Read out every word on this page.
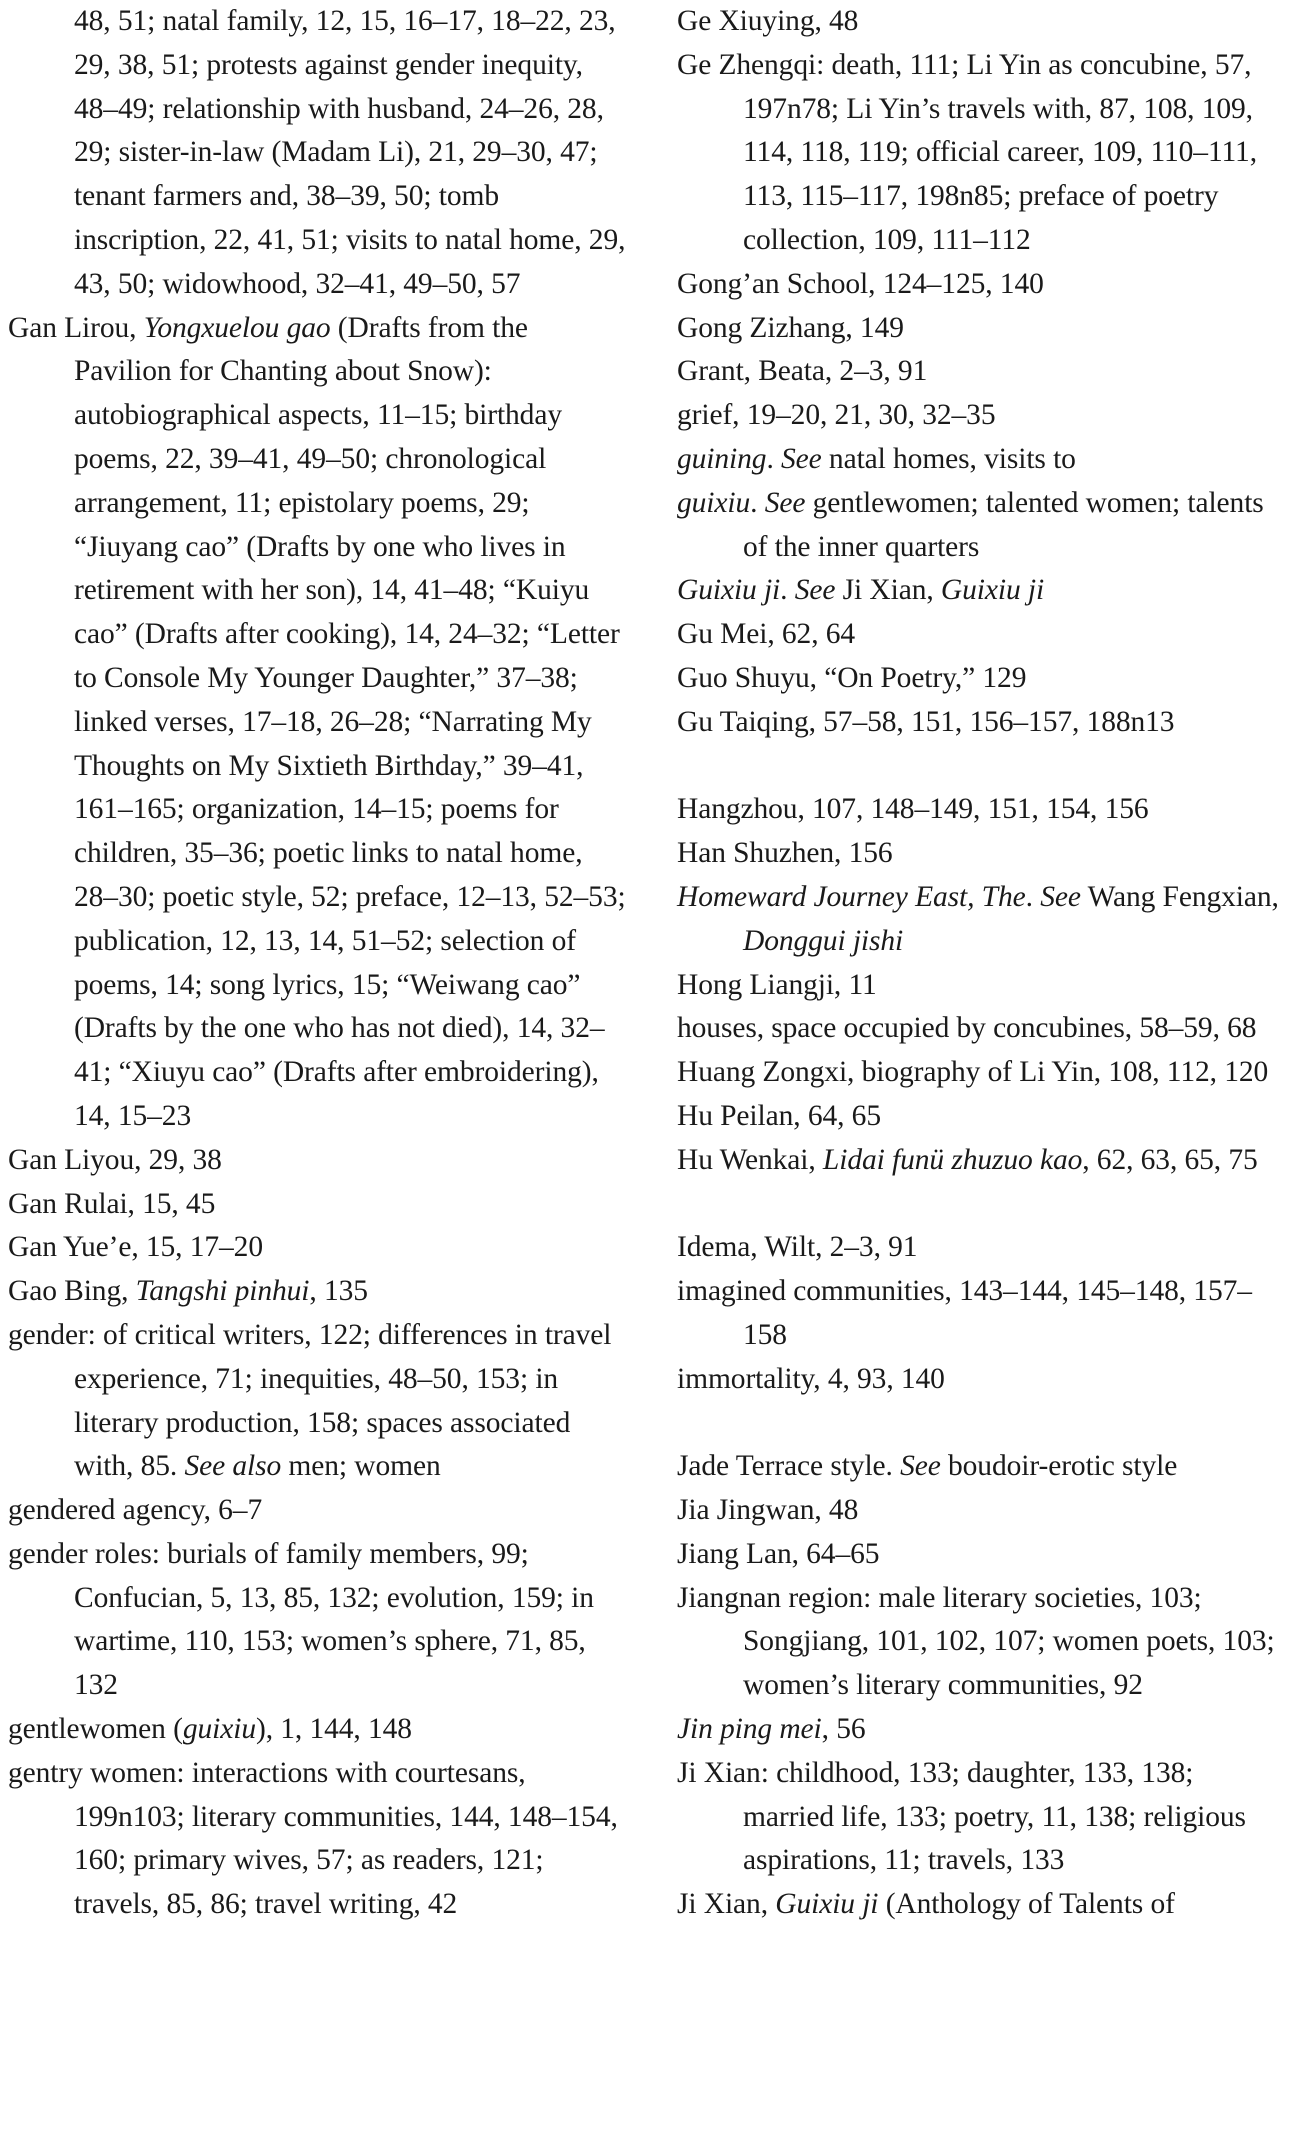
48, 51; natal family, 12, 15, 16–17, 18–22, 23, 29, 38, 51; protests against gender inequity, 48–49; relationship with husband, 24–26, 28, 29; sister-in-law (Madam Li), 21, 29–30, 47; tenant farmers and, 38–39, 50; tomb inscription, 22, 41, 51; visits to natal home, 29, 43, 50; widowhood, 32–41, 49–50, 57

Gan Lirou, Yongxuelou gao (Drafts from the Pavilion for Chanting about Snow): autobiographical aspects, 11–15; birthday poems, 22, 39–41, 49–50; chronological arrangement, 11; epistolary poems, 29; “Jiuyang cao” (Drafts by one who lives in retirement with her son), 14, 41–48; “Kuiyu cao” (Drafts after cooking), 14, 24–32; “Letter to Console My Younger Daughter,” 37–38; linked verses, 17–18, 26–28; “Narrating My Thoughts on My Sixtieth Birthday,” 39–41, 161–165; organization, 14–15; poems for children, 35–36; poetic links to natal home, 28–30; poetic style, 52; preface, 12–13, 52–53; publication, 12, 13, 14, 51–52; selection of poems, 14; song lyrics, 15; “Weiwang cao” (Drafts by the one who has not died), 14, 32–41; “Xiuyu cao” (Drafts after embroidering), 14, 15–23

Gan Liyou, 29, 38

Gan Rulai, 15, 45

Gan Yue’e, 15, 17–20

Gao Bing, Tangshi pinhui, 135

gender: of critical writers, 122; differences in travel experience, 71; inequities, 48–50, 153; in literary production, 158; spaces associated with, 85. See also men; women

gendered agency, 6–7

gender roles: burials of family members, 99; Confucian, 5, 13, 85, 132; evolution, 159; in wartime, 110, 153; women’s sphere, 71, 85, 132

gentlewomen (guixiu), 1, 144, 148

gentry women: interactions with courtesans, 199n103; literary communities, 144, 148–154, 160; primary wives, 57; as readers, 121; travels, 85, 86; travel writing, 42

Ge Xiuying, 48

Ge Zhengqi: death, 111; Li Yin as concubine, 57, 197n78; Li Yin’s travels with, 87, 108, 109, 114, 118, 119; official career, 109, 110–111, 113, 115–117, 198n85; preface of poetry collection, 109, 111–112

Gong’an School, 124–125, 140

Gong Zizhang, 149

Grant, Beata, 2–3, 91

grief, 19–20, 21, 30, 32–35

guining. See natal homes, visits to

guixiu. See gentlewomen; talented women; talents of the inner quarters

Guixiu ji. See Ji Xian, Guixiu ji

Gu Mei, 62, 64

Guo Shuyu, “On Poetry,” 129

Gu Taiqing, 57–58, 151, 156–157, 188n13

Hangzhou, 107, 148–149, 151, 154, 156

Han Shuzhen, 156

Homeward Journey East, The. See Wang Fengxian, Donggui jishi

Hong Liangji, 11

houses, space occupied by concubines, 58–59, 68

Huang Zongxi, biography of Li Yin, 108, 112, 120

Hu Peilan, 64, 65

Hu Wenkai, Lidai funü zhuzuo kao, 62, 63, 65, 75

Idema, Wilt, 2–3, 91

imagined communities, 143–144, 145–148, 157–158

immortality, 4, 93, 140

Jade Terrace style. See boudoir-erotic style

Jia Jingwan, 48

Jiang Lan, 64–65

Jiangnan region: male literary societies, 103; Songjiang, 101, 102, 107; women poets, 103; women’s literary communities, 92

Jin ping mei, 56

Ji Xian: childhood, 133; daughter, 133, 138; married life, 133; poetry, 11, 138; religious aspirations, 11; travels, 133

Ji Xian, Guixiu ji (Anthology of Talents of
